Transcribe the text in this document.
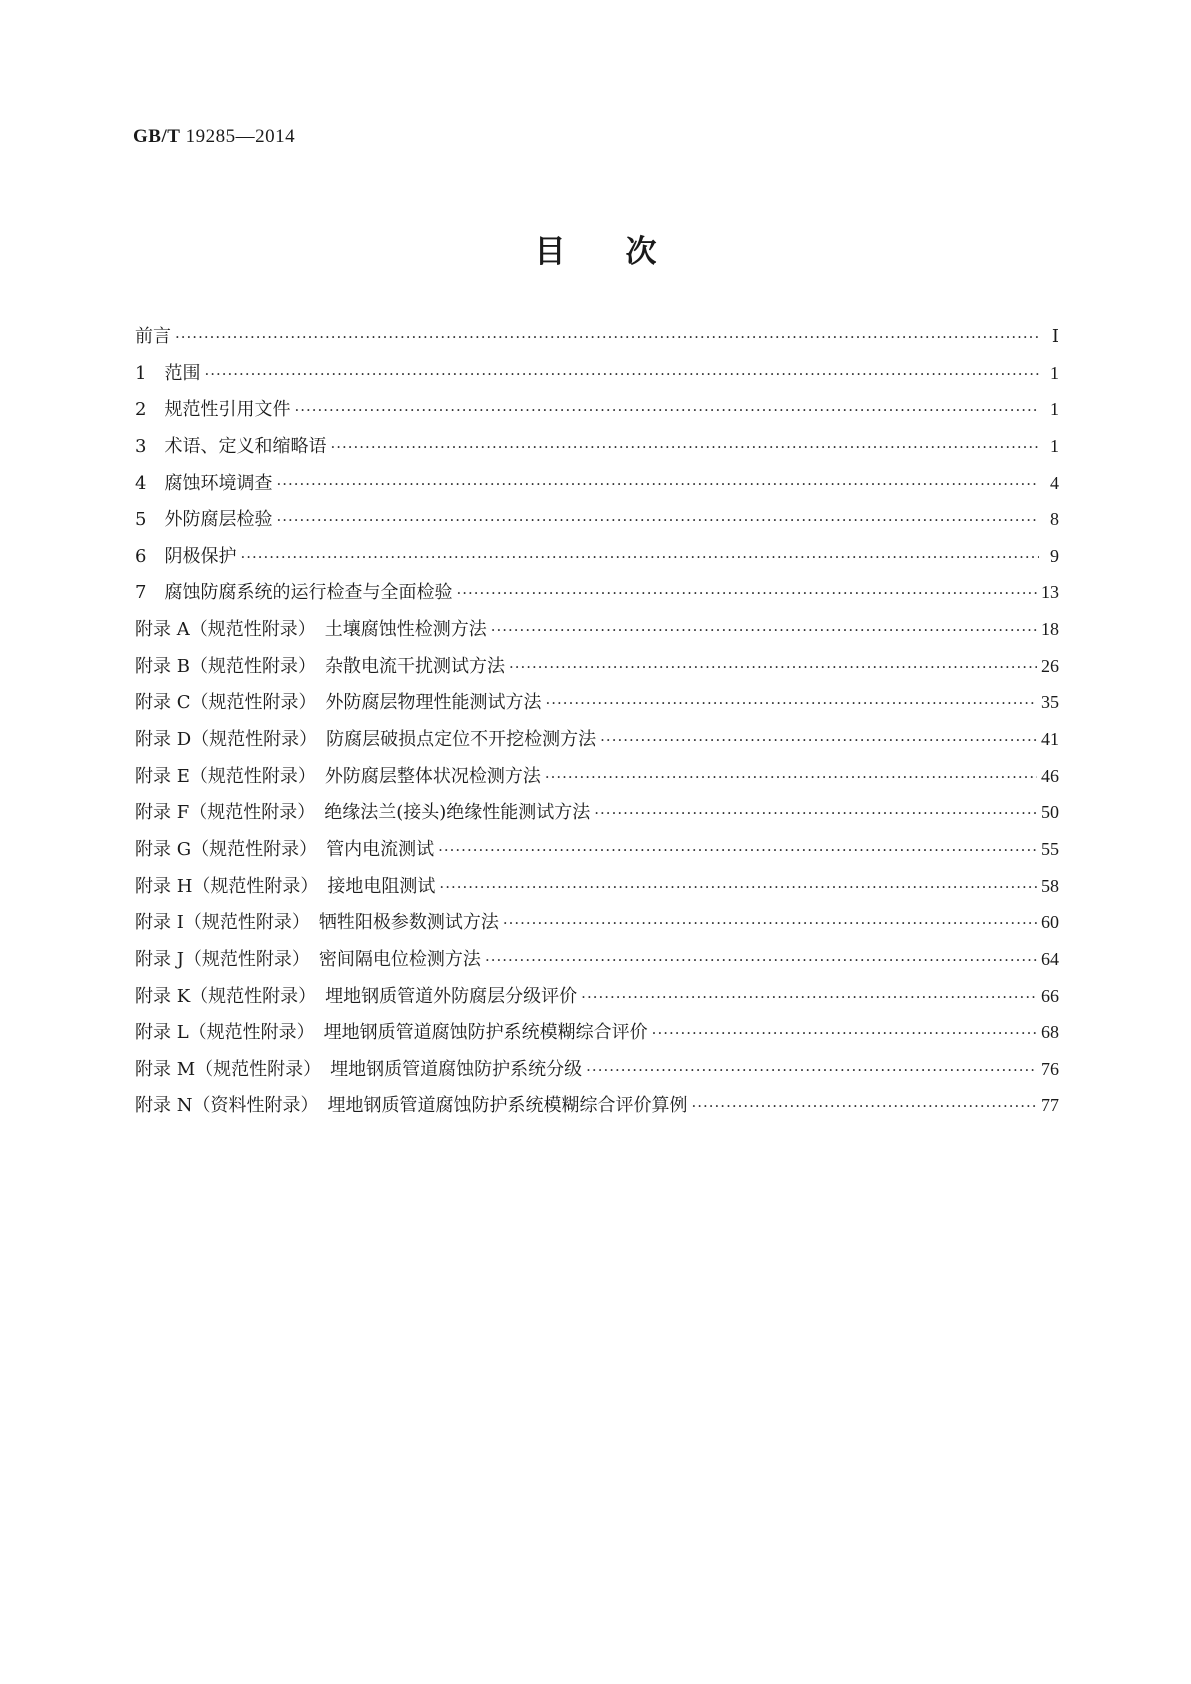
GB/T 19285—2014
目次
前言 ·····	Ⅰ
1　范围 ·····	1
2　规范性引用文件 ·····	1
3　术语、定义和缩略语 ·····	1
4　腐蚀环境调查 ·····	4
5　外防腐层检验 ·····	8
6　阴极保护 ·····	9
7　腐蚀防腐系统的运行检查与全面检验 ·····	13
附录 A（规范性附录）　土壤腐蚀性检测方法 ·····	18
附录 B（规范性附录）　杂散电流干扰测试方法 ·····	26
附录 C（规范性附录）　外防腐层物理性能测试方法 ·····	35
附录 D（规范性附录）　防腐层破损点定位不开挖检测方法 ·····	41
附录 E（规范性附录）　外防腐层整体状况检测方法 ·····	46
附录 F（规范性附录）　绝缘法兰(接头)绝缘性能测试方法 ·····	50
附录 G（规范性附录）　管内电流测试 ·····	55
附录 H（规范性附录）　接地电阻测试 ·····	58
附录 I（规范性附录）　牺牲阳极参数测试方法 ·····	60
附录 J（规范性附录）　密间隔电位检测方法 ·····	64
附录 K（规范性附录）　埋地钢质管道外防腐层分级评价 ·····	66
附录 L（规范性附录）　埋地钢质管道腐蚀防护系统模糊综合评价 ·····	68
附录 M（规范性附录）　埋地钢质管道腐蚀防护系统分级 ·····	76
附录 N（资料性附录）　埋地钢质管道腐蚀防护系统模糊综合评价算例 ·····	77
